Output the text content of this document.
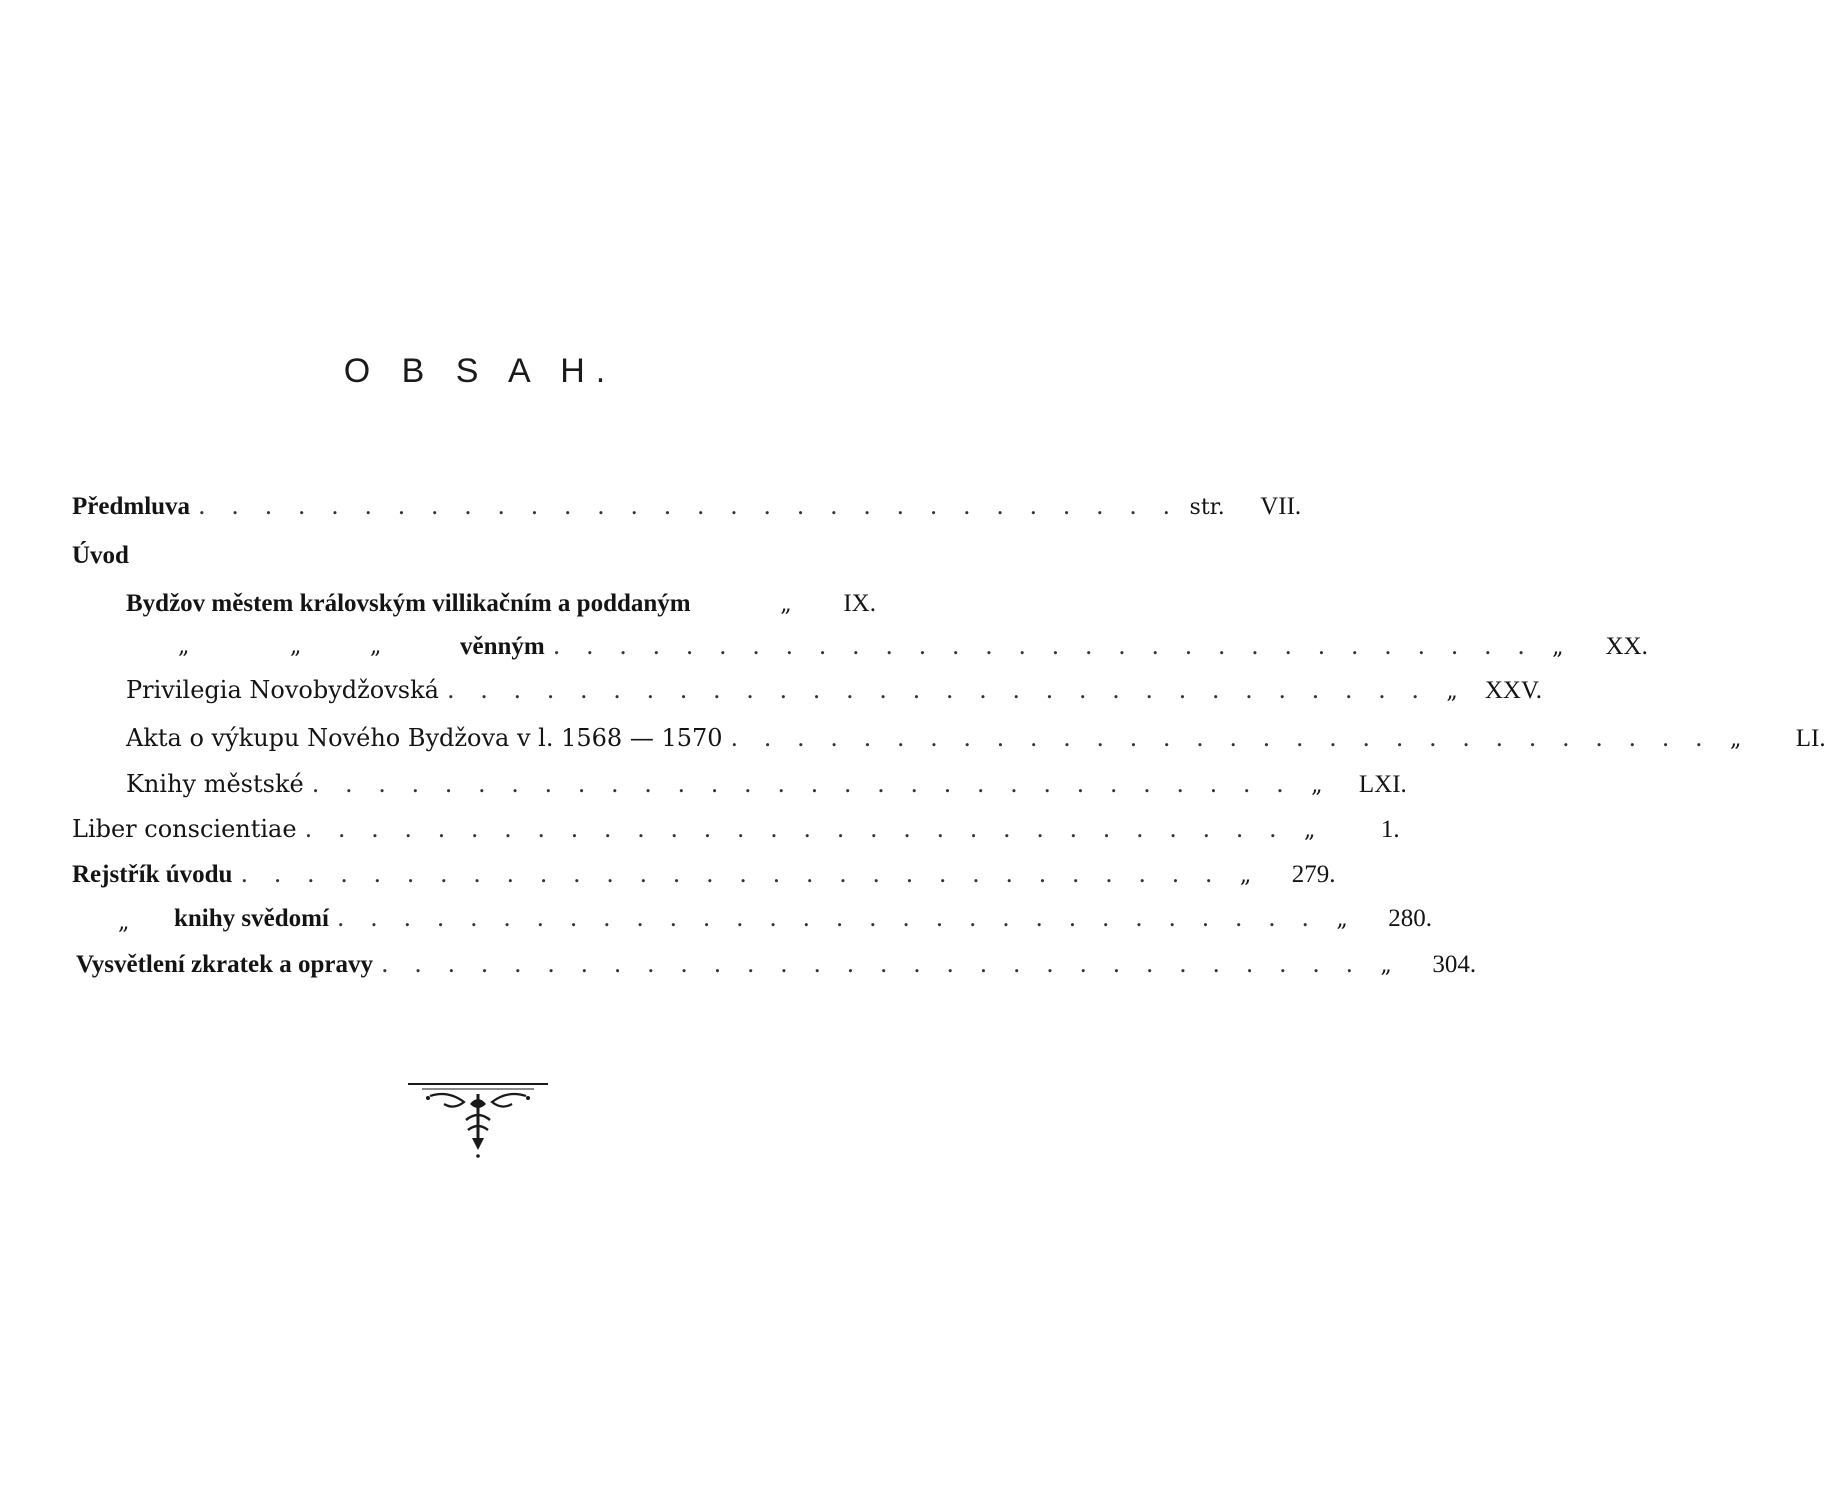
O B S A H.
Předmluva . . . . . . . . . . . . . . . . . . . . . . . . . . . . . . str.	VII.
Úvod
Bydžov městem královským villikačním a poddaným	„	IX.
„	„	„	věnným . . . . . . . . . . . . . . . . . . . . . . . . . . . . . . „	XX.
Privilegia Novobydžovská . . . . . . . . . . . . . . . . . . . . . . . . . . . . . . „	XXV.
Akta o výkupu Nového Bydžova v l. 1568 — 1570 . . . . . . . . . . . . . . . . . . . . . . . . . . . . . . „	LI.
Knihy městské . . . . . . . . . . . . . . . . . . . . . . . . . . . . . . „	LXI.
Liber conscientiae . . . . . . . . . . . . . . . . . . . . . . . . . . . . . . „	1.
Rejstřík úvodu . . . . . . . . . . . . . . . . . . . . . . . . . . . . . . „	279.
„ knihy svědomí . . . . . . . . . . . . . . . . . . . . . . . . . . . . . . „	280.
Vysvětlení zkratek a opravy . . . . . . . . . . . . . . . . . . . . . . . . . . . . . . „	304.
